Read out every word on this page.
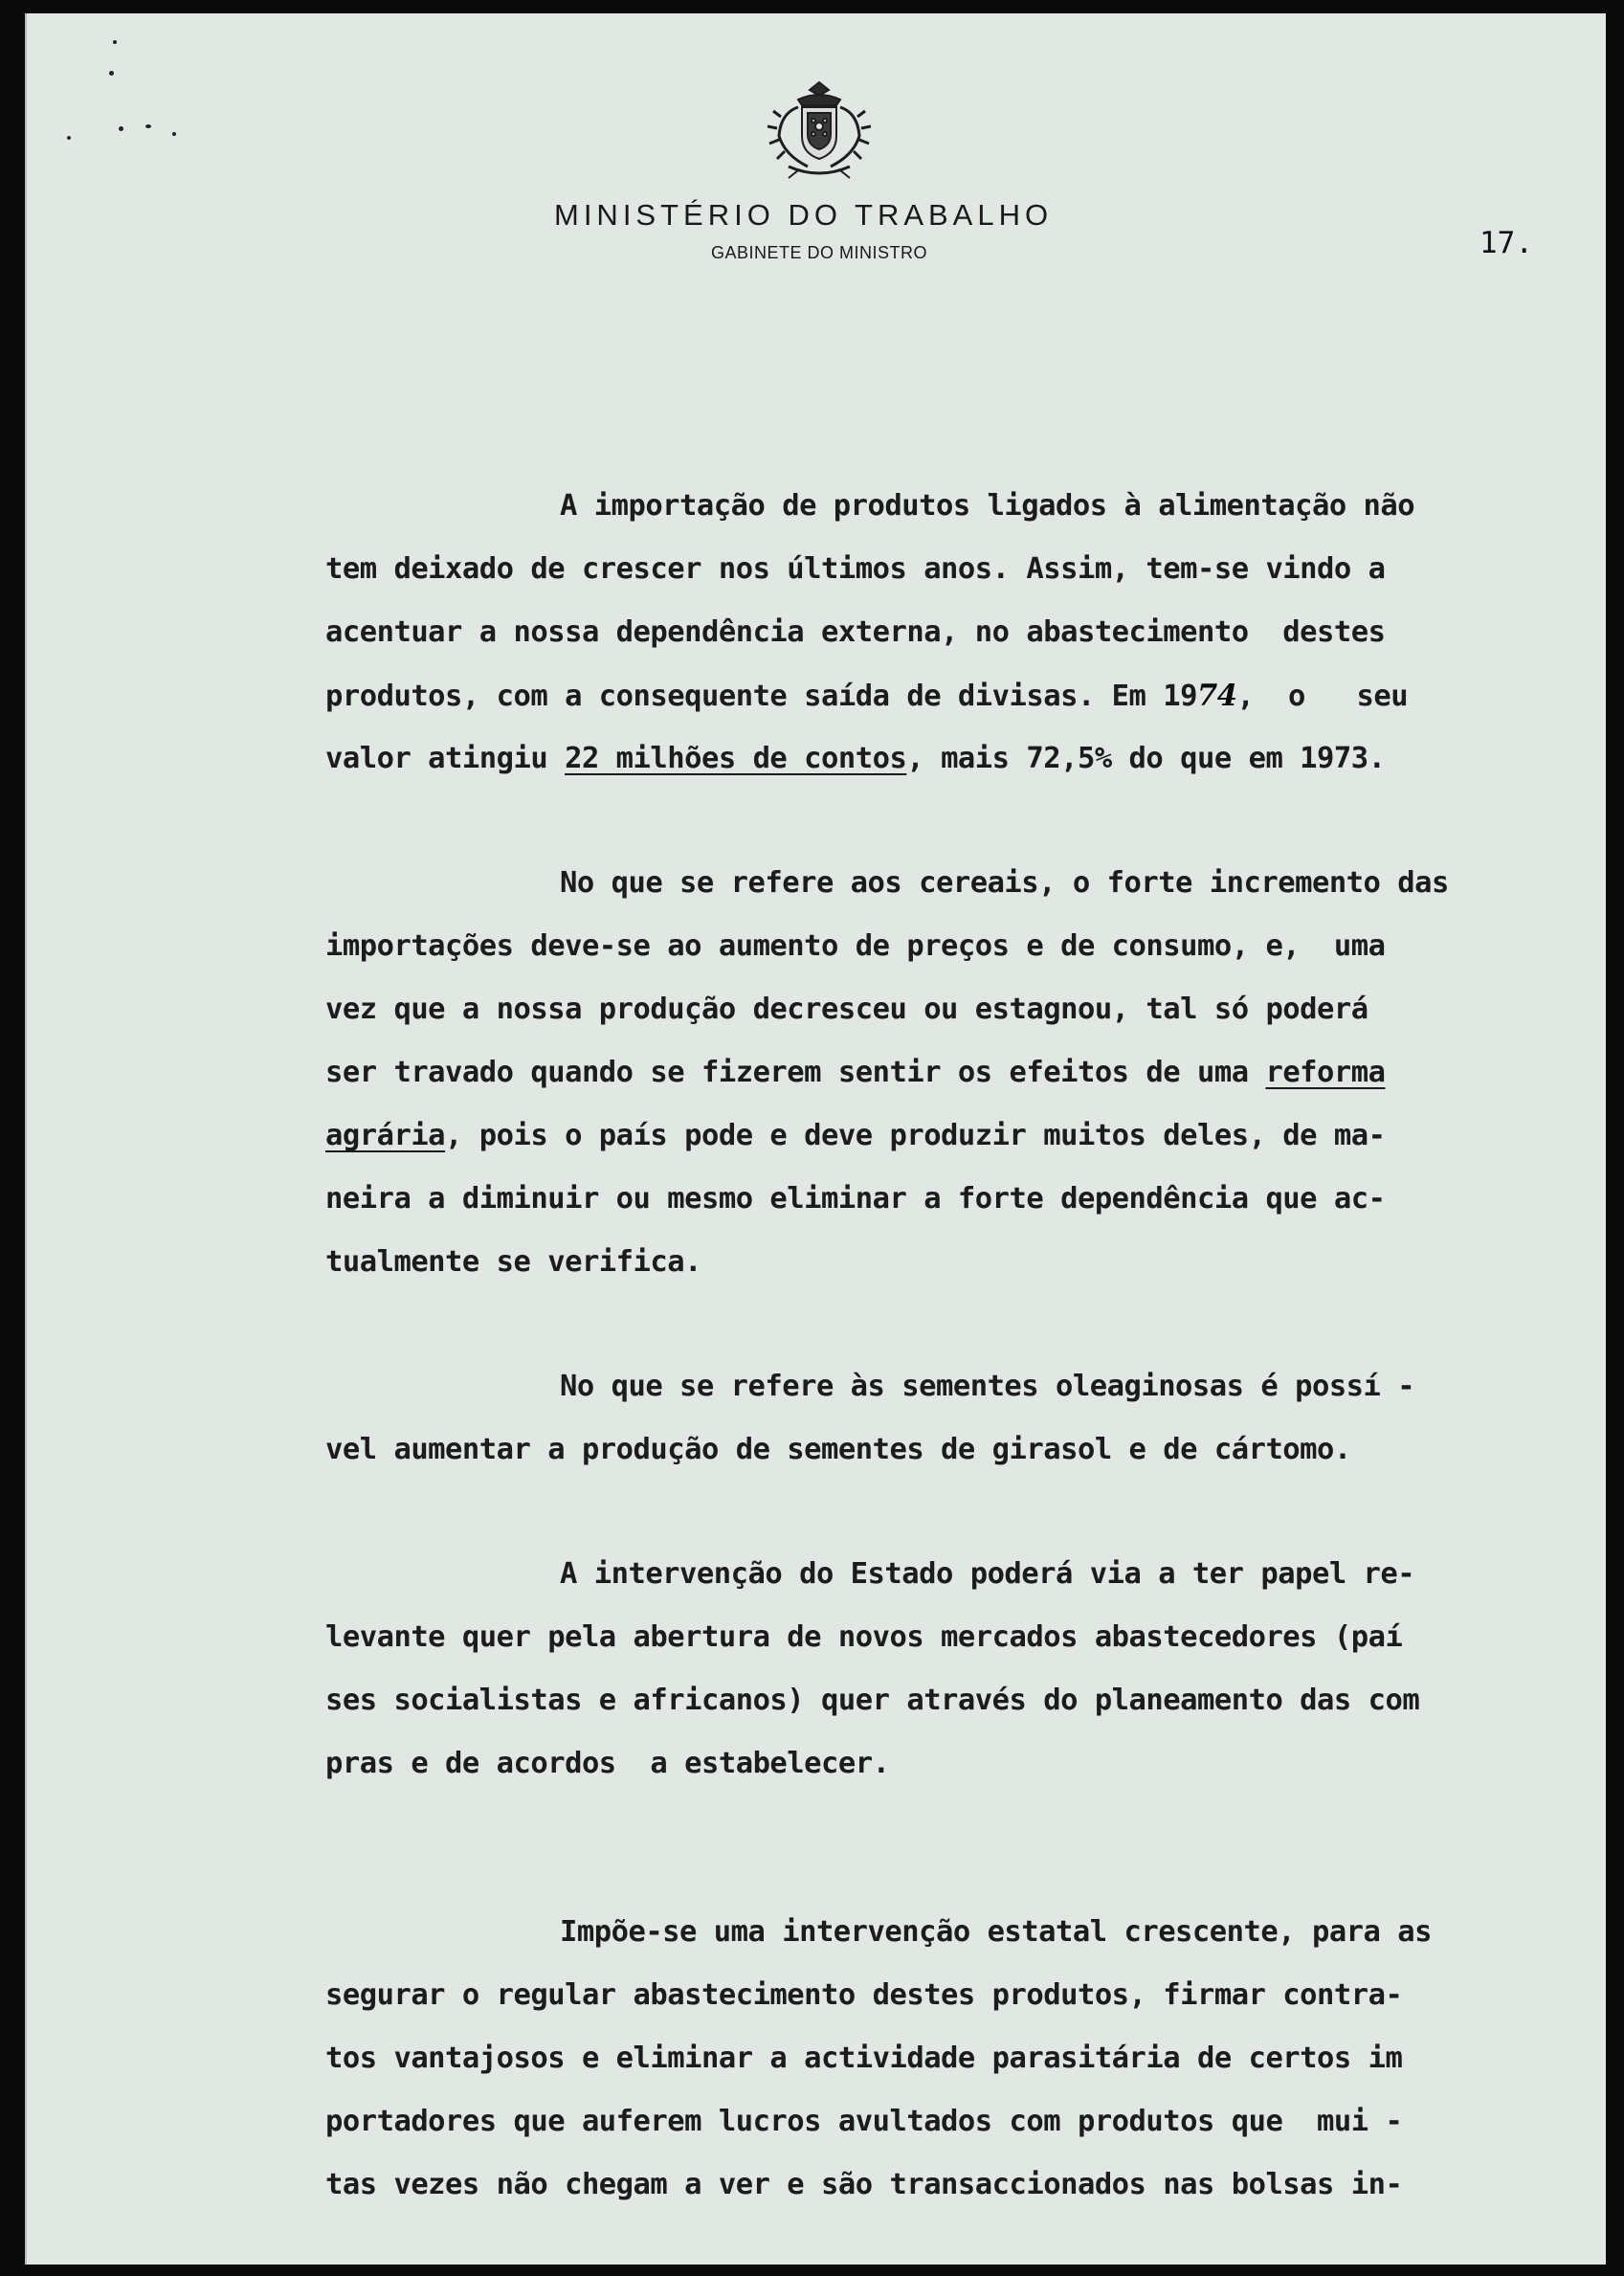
MINISTÉRIO DO TRABALHO
GABINETE DO MINISTRO	17.
A importação de produtos ligados à alimentação não
tem deixado de crescer nos últimos anos. Assim, tem-se vindo a
acentuar a nossa dependência externa, no abastecimento  destes
produtos, com a consequente saída de divisas. Em 1974,  o   seu
valor atingiu 22 milhões de contos, mais 72,5% do que em 1973.
No que se refere aos cereais, o forte incremento das
importações deve-se ao aumento de preços e de consumo, e,  uma
vez que a nossa produção decresceu ou estagnou, tal só poderá
ser travado quando se fizerem sentir os efeitos de uma reforma
agrária, pois o país pode e deve produzir muitos deles, de ma-
neira a diminuir ou mesmo eliminar a forte dependência que ac-
tualmente se verifica.
No que se refere às sementes oleaginosas é possí -
vel aumentar a produção de sementes de girasol e de cártomo.
A intervenção do Estado poderá via a ter papel re-
levante quer pela abertura de novos mercados abastecedores (paí
ses socialistas e africanos) quer através do planeamento das com
pras e de acordos  a estabelecer.
Impõe-se uma intervenção estatal crescente, para as
segurar o regular abastecimento destes produtos, firmar contra-
tos vantajosos e eliminar a actividade parasitária de certos im
portadores que auferem lucros avultados com produtos que  mui -
tas vezes não chegam a ver e são transaccionados nas bolsas in-
